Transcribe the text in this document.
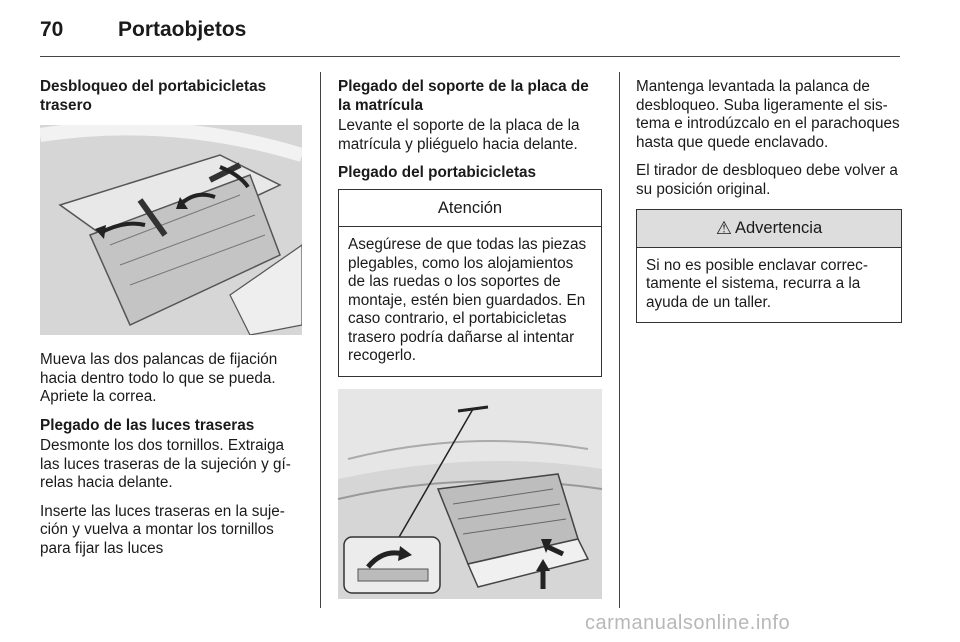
70	Portaobjetos
Desbloqueo del portabicicletas trasero

Mueva las dos palancas de fijación hacia dentro todo lo que se pueda. Apriete la correa.

Plegado de las luces traseras

Desmonte los dos tornillos. Extraiga las luces traseras de la sujeción y gírelas hacia delante.

Inserte las luces traseras en la sujeción y vuelva a montar los tornillos para fijar las luces

Plegado del soporte de la placa de la matrícula

Levante el soporte de la placa de la matrícula y pliéguelo hacia delante.

Plegado del portabicicletas
Atención
Asegúrese de que todas las piezas plegables, como los alojamientos de las ruedas o los soportes de montaje, estén bien guardados. En caso contrario, el portabicicletas trasero podría dañarse al intentar recogerlo.

Mantenga levantada la palanca de desbloqueo. Suba ligeramente el sistema e introdúzcalo en el parachoques hasta que quede enclavado.

El tirador de desbloqueo debe volver a su posición original.

⚠ Advertencia
Si no es posible enclavar correctamente el sistema, recurra a la ayuda de un taller.
carmanualsonline.info
